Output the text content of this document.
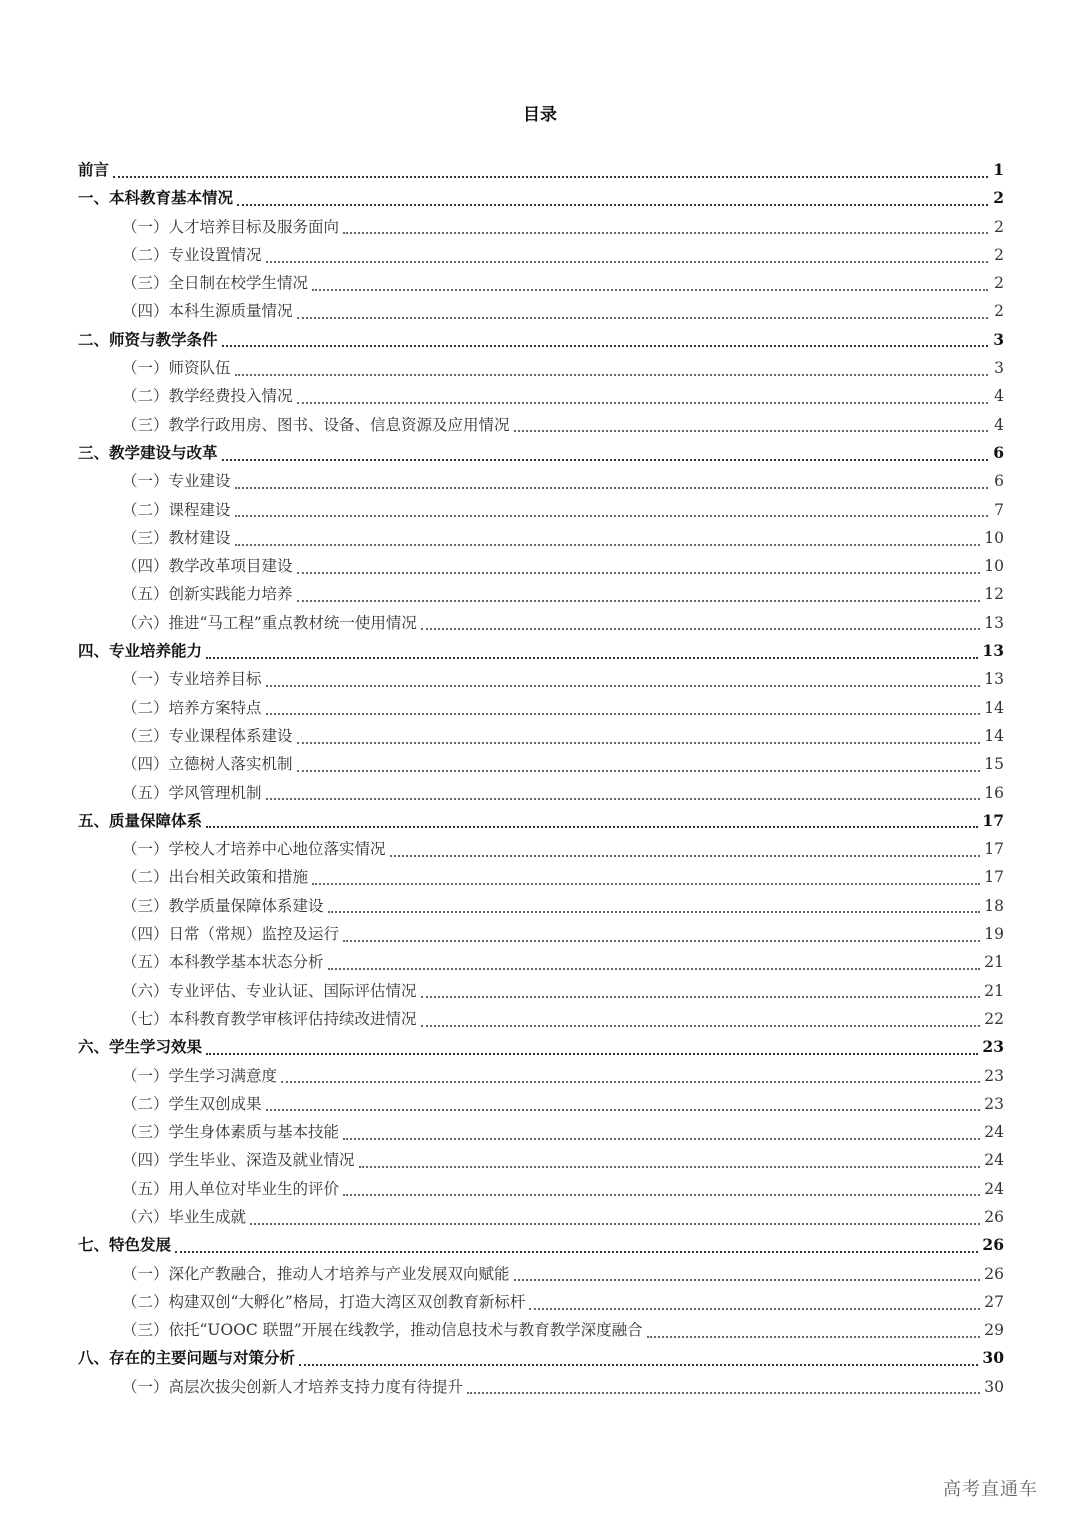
目录
前言	1
一、本科教育基本情况	2
（一）人才培养目标及服务面向	2
（二）专业设置情况	2
（三）全日制在校学生情况	2
（四）本科生源质量情况	2
二、师资与教学条件	3
（一）师资队伍	3
（二）教学经费投入情况	4
（三）教学行政用房、图书、设备、信息资源及应用情况	4
三、教学建设与改革	6
（一）专业建设	6
（二）课程建设	7
（三）教材建设	10
（四）教学改革项目建设	10
（五）创新实践能力培养	12
（六）推进“马工程”重点教材统一使用情况	13
四、专业培养能力	13
（一）专业培养目标	13
（二）培养方案特点	14
（三）专业课程体系建设	14
（四）立德树人落实机制	15
（五）学风管理机制	16
五、质量保障体系	17
（一）学校人才培养中心地位落实情况	17
（二）出台相关政策和措施	17
（三）教学质量保障体系建设	18
（四）日常（常规）监控及运行	19
（五）本科教学基本状态分析	21
（六）专业评估、专业认证、国际评估情况	21
（七）本科教育教学审核评估持续改进情况	22
六、学生学习效果	23
（一）学生学习满意度	23
（二）学生双创成果	23
（三）学生身体素质与基本技能	24
（四）学生毕业、深造及就业情况	24
（五）用人单位对毕业生的评价	24
（六）毕业生成就	26
七、特色发展	26
（一）深化产教融合，推动人才培养与产业发展双向赋能	26
（二）构建双创“大孵化”格局，打造大湾区双创教育新标杆	27
（三）依托“UOOC 联盟”开展在线教学，推动信息技术与教育教学深度融合	29
八、存在的主要问题与对策分析	30
（一）高层次拔尖创新人才培养支持力度有待提升	30
高考直通车
